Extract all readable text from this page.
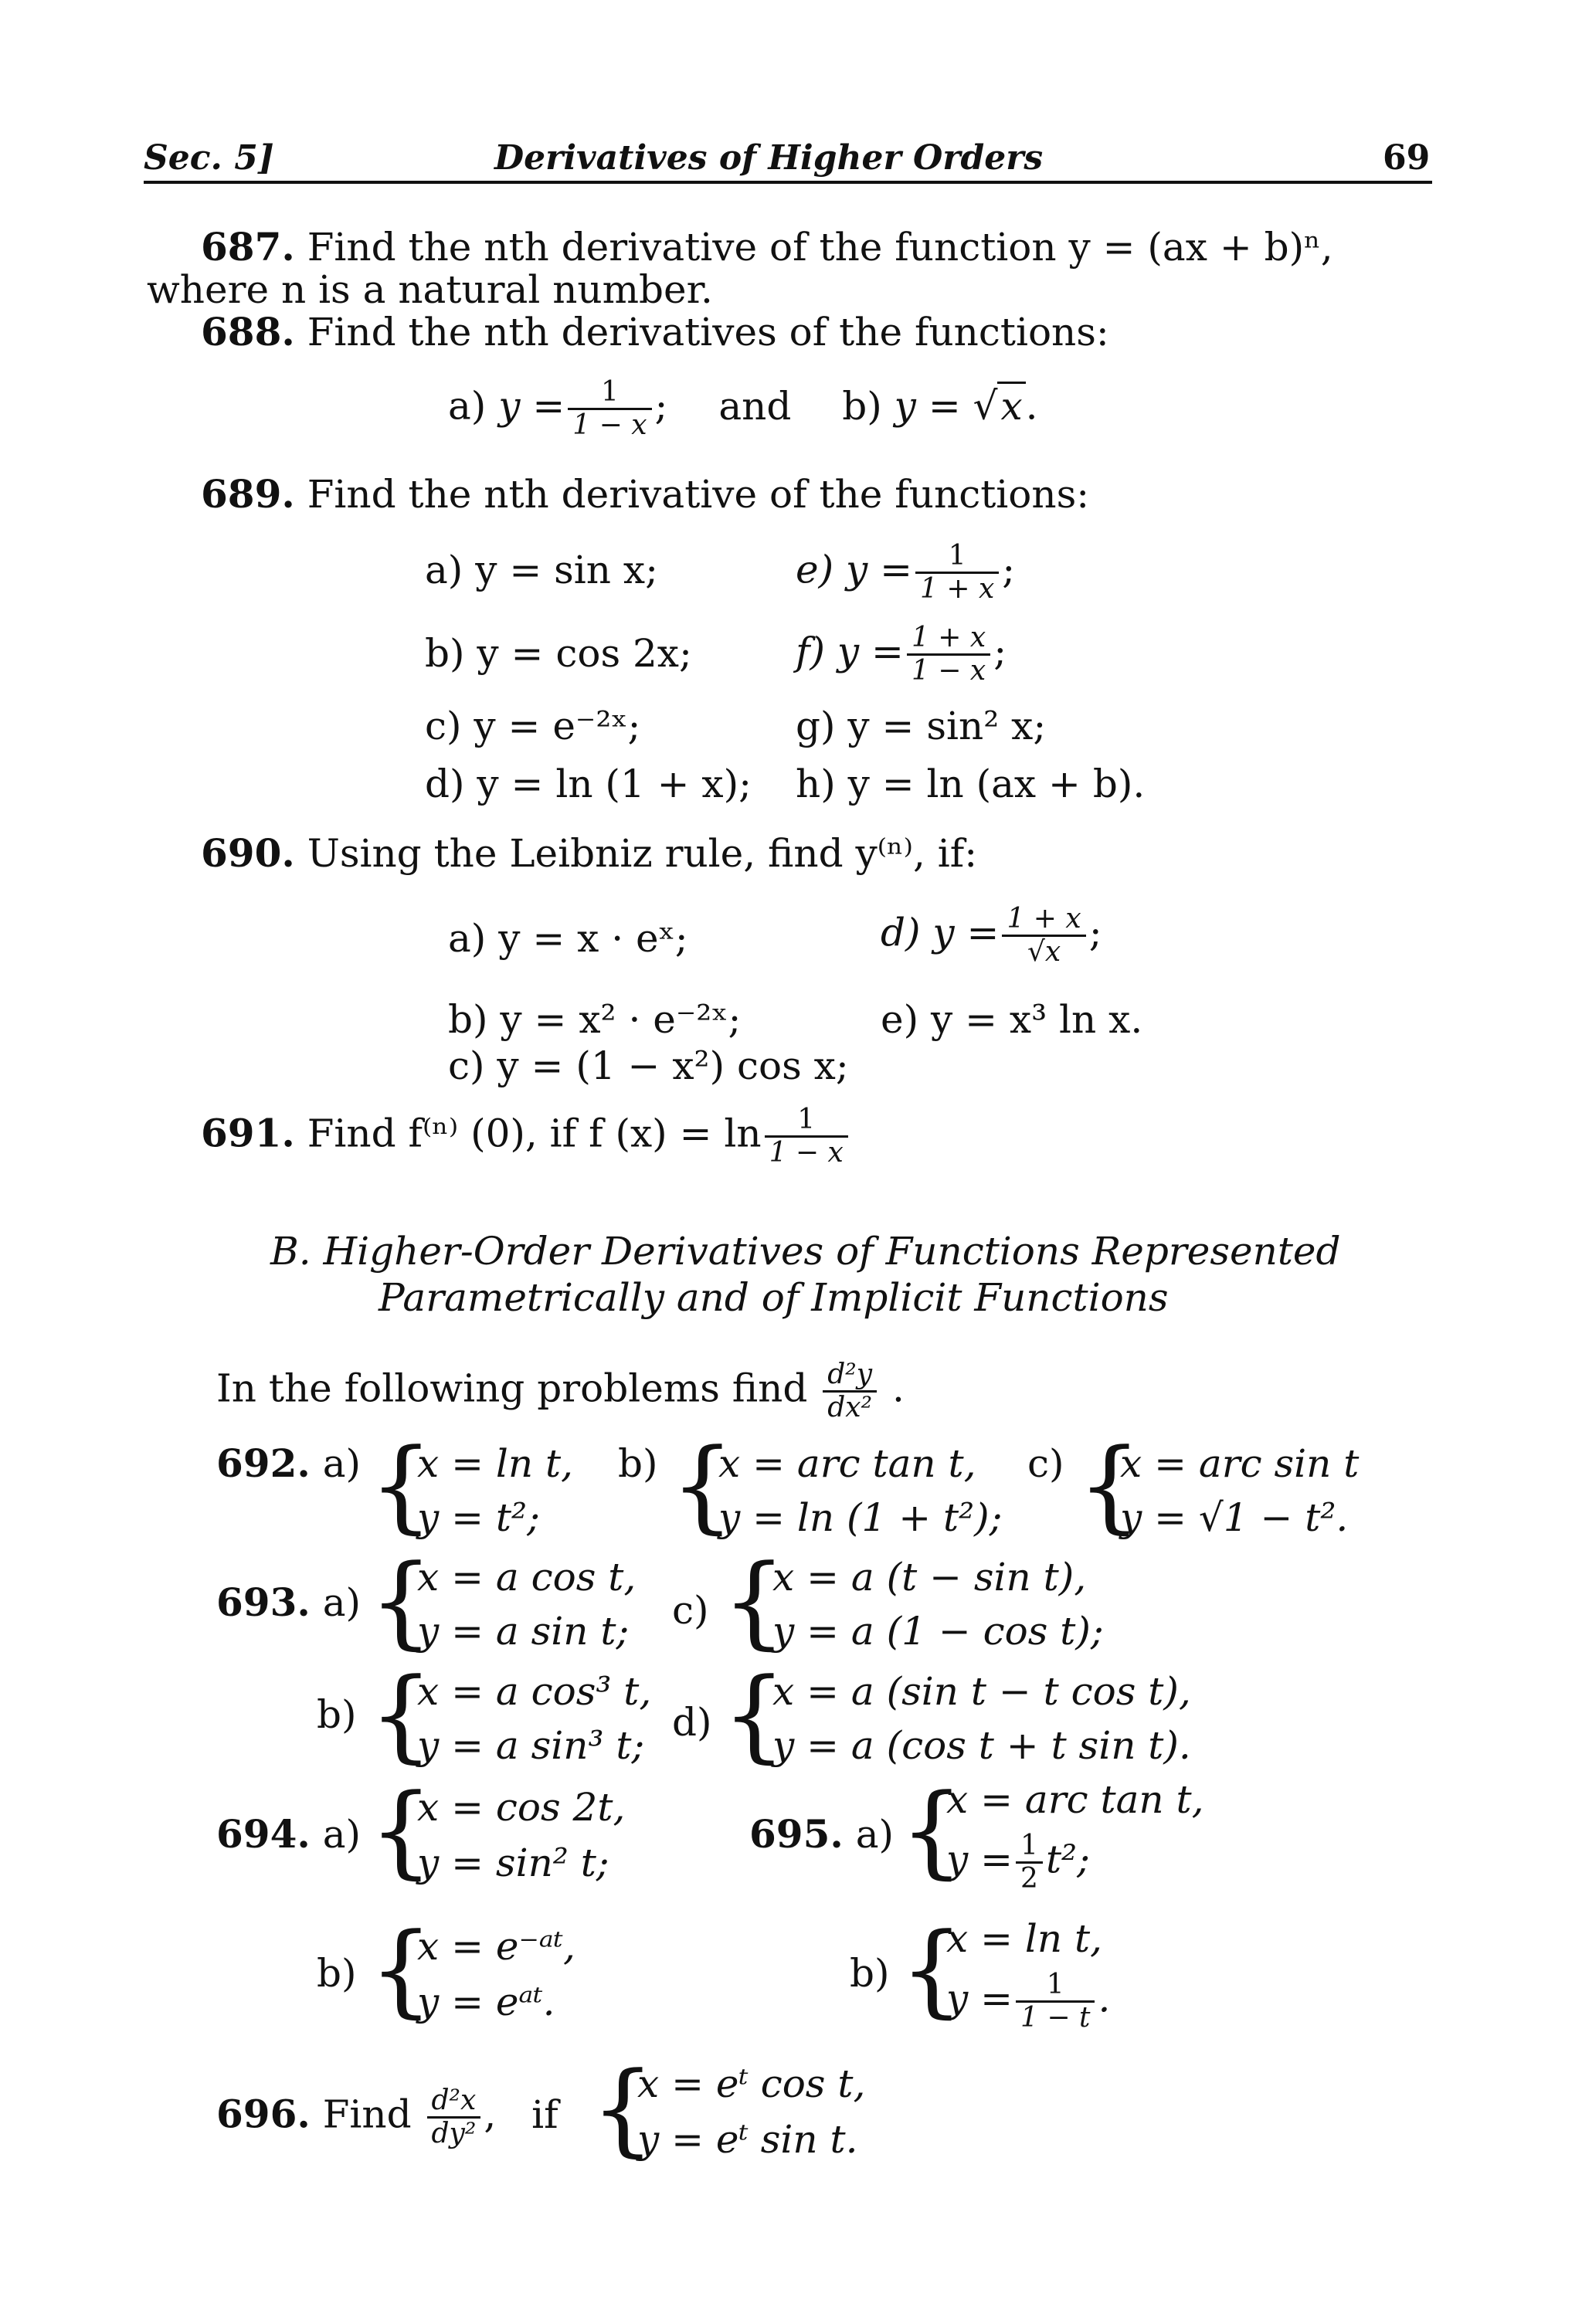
Sec. 5]	Derivatives of Higher Orders	69
687. Find the nth derivative of the function y = (ax + b)ⁿ,
where n is a natural number.
688. Find the nth derivatives of the functions:
a) $y = \frac{1}{1 - x}$ ; and b) y = √x.
689. Find the nth derivative of the functions:
a) y = sin x;
b) y = cos 2x;
c) y = e⁻²ˣ;
d) y = ln (1 + x);
e) $y = \frac{1}{1 + x}$ ;
f) $y = \frac{1 + x}{1 - x}$ ;
g) y = sin² x;
h) y = ln (ax + b).
690. Using the Leibniz rule, find y⁽ⁿ⁾, if:
a) y = x · eˣ;
b) y = x² · e⁻²ˣ;
c) y = (1 − x²) cos x;
d) $y = \frac{1 + x}{√x}$ ;
e) y = x³ ln x.
691. Find f⁽ⁿ⁾ (0), if f $(x) = \ln \frac{1}{1 - x}$
B. Higher-Order Derivatives of Functions Represented
Parametrically and of Implicit Functions
In the following problems find $\frac{\text{d²y}}{\text{dx²}}$ .
692. a) {
x = ln t,
y = t²;
b) {
x = arc tan t,
y = ln (1 + t²);
c) {
x = arc sin t
y = √1 − t².
693. a) {
x = a cos t,
y = a sin t; c) {
x = a (t − sin t),
y = a (1 − cos t);
b) {
x = a cos³ t,
y = a sin³ t;
d) {
x = a (sin t − t cos t),
y = a (cos t + t sin t).
694. a) {
x = cos 2t,
y = sin² t;
b) {
x = e⁻ᵃᵗ,
y = eᵃᵗ.
695. a) {
x = arc tan t,
$y = \frac{1}{2} t^2$;
b) {
x = ln t,
$y = \frac{1}{1 - t}$ .
696. Find $\frac{\text{d²x}}{\text{dy²}}$ , if {
x = eᵗ cos t,
y = eᵗ sin t.
